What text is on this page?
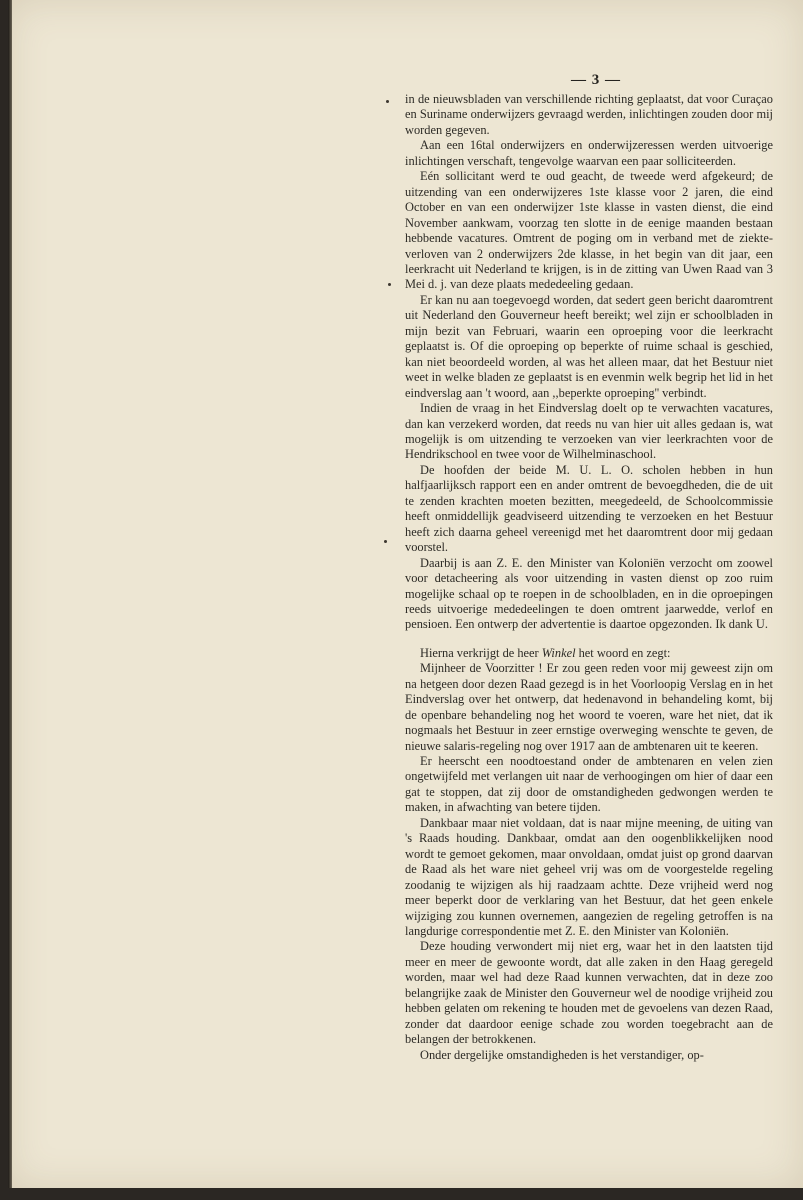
— 3 —

in de nieuwsbladen van verschillende richting geplaatst, dat voor Curaçao en Suriname onderwijzers gevraagd werden, inlichtingen zouden door mij worden gegeven.

Aan een 16tal onderwijzers en onderwijzeressen werden uitvoerige inlichtingen verschaft, tengevolge waarvan een paar solliciteerden.

Eén sollicitant werd te oud geacht, de tweede werd afgekeurd; de uitzending van een onderwijzeres 1ste klasse voor 2 jaren, die eind October en van een onderwijzer 1ste klasse in vasten dienst, die eind November aankwam, voorzag ten slotte in de eenige maanden bestaan hebbende vacatures. Omtrent de poging om in verband met de ziekte-verloven van 2 onderwijzers 2de klasse, in het begin van dit jaar, een leerkracht uit Nederland te krijgen, is in de zitting van Uwen Raad van 3 Mei d. j. van deze plaats mededeeling gedaan.

Er kan nu aan toegevoegd worden, dat sedert geen bericht daaromtrent uit Nederland den Gouverneur heeft bereikt; wel zijn er schoolbladen in mijn bezit van Februari, waarin een oproeping voor die leerkracht geplaatst is. Of die oproeping op beperkte of ruime schaal is geschied, kan niet beoordeeld worden, al was het alleen maar, dat het Bestuur niet weet in welke bladen ze geplaatst is en evenmin welk begrip het lid in het eindverslag aan 't woord, aan ,,beperkte oproeping'' verbindt.

Indien de vraag in het Eindverslag doelt op te verwachten vacatures, dan kan verzekerd worden, dat reeds nu van hier uit alles gedaan is, wat mogelijk is om uitzending te verzoeken van vier leerkrachten voor de Hendrikschool en twee voor de Wilhelminaschool.

De hoofden der beide M. U. L. O. scholen hebben in hun halfjaarlijksch rapport een en ander omtrent de bevoegdheden, die de uit te zenden krachten moeten bezitten, meegedeeld, de Schoolcommissie heeft onmiddellijk geadviseerd uitzending te verzoeken en het Bestuur heeft zich daarna geheel vereenigd met het daaromtrent door mij gedaan voorstel.

Daarbij is aan Z. E. den Minister van Koloniën verzocht om zoowel voor detacheering als voor uitzending in vasten dienst op zoo ruim mogelijke schaal op te roepen in de schoolbladen, en in die oproepingen reeds uitvoerige mededeelingen te doen omtrent jaarwedde, verlof en pensioen. Een ontwerp der advertentie is daartoe opgezonden. Ik dank U.

Hierna verkrijgt de heer Winkel het woord en zegt:

Mijnheer de Voorzitter ! Er zou geen reden voor mij geweest zijn om na hetgeen door dezen Raad gezegd is in het Voorloopig Verslag en in het Eindverslag over het ontwerp, dat hedenavond in behandeling komt, bij de openbare behandeling nog het woord te voeren, ware het niet, dat ik nogmaals het Bestuur in zeer ernstige overweging wenschte te geven, de nieuwe salaris-regeling nog over 1917 aan de ambtenaren uit te keeren.

Er heerscht een noodtoestand onder de ambtenaren en velen zien ongetwijfeld met verlangen uit naar de verhoogingen om hier of daar een gat te stoppen, dat zij door de omstandigheden gedwongen werden te maken, in afwachting van betere tijden.

Dankbaar maar niet voldaan, dat is naar mijne meening, de uiting van 's Raads houding. Dankbaar, omdat aan den oogenblikkelijken nood wordt te gemoet gekomen, maar onvoldaan, omdat juist op grond daarvan de Raad als het ware niet geheel vrij was om de voorgestelde regeling zoodanig te wijzigen als hij raadzaam achtte. Deze vrijheid werd nog meer beperkt door de verklaring van het Bestuur, dat het geen enkele wijziging zou kunnen overnemen, aangezien de regeling getroffen is na langdurige correspondentie met Z. E. den Minister van Koloniën.

Deze houding verwondert mij niet erg, waar het in den laatsten tijd meer en meer de gewoonte wordt, dat alle zaken in den Haag geregeld worden, maar wel had deze Raad kunnen verwachten, dat in deze zoo belangrijke zaak de Minister den Gouverneur wel de noodige vrijheid zou hebben gelaten om rekening te houden met de gevoelens van dezen Raad, zonder dat daardoor eenige schade zou worden toegebracht aan de belangen der betrokkenen.

Onder dergelijke omstandigheden is het verstandiger, op-
